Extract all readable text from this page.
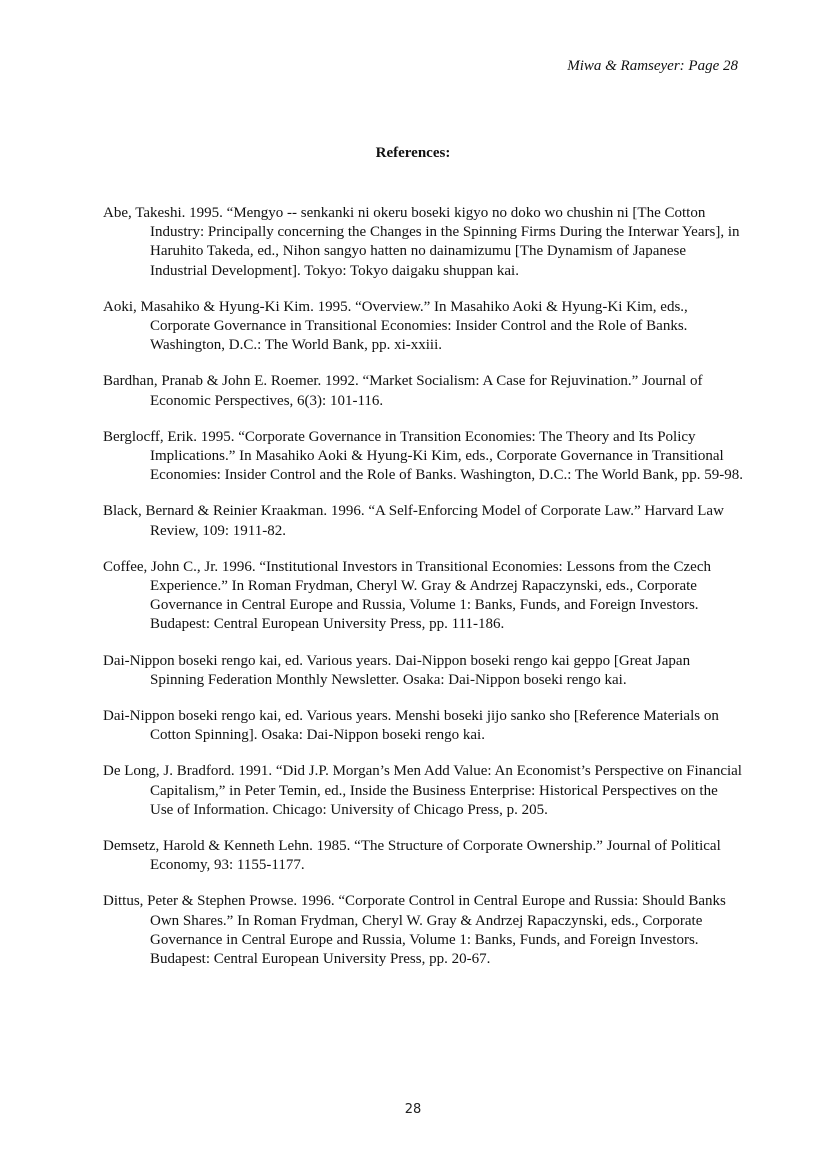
Miwa & Ramseyer: Page 28
References:
Abe, Takeshi. 1995. “Mengyo -- senkanki ni okeru boseki kigyo no doko wo chushin ni [The Cotton Industry: Principally concerning the Changes in the Spinning Firms During the Interwar Years], in Haruhito Takeda, ed., Nihon sangyo hatten no dainamizumu [The Dynamism of Japanese Industrial Development]. Tokyo: Tokyo daigaku shuppan kai.
Aoki, Masahiko & Hyung-Ki Kim. 1995. “Overview.” In Masahiko Aoki & Hyung-Ki Kim, eds., Corporate Governance in Transitional Economies: Insider Control and the Role of Banks. Washington, D.C.: The World Bank, pp. xi-xxiii.
Bardhan, Pranab & John E. Roemer. 1992. “Market Socialism: A Case for Rejuvination.” Journal of Economic Perspectives, 6(3): 101-116.
Berglocff, Erik. 1995. “Corporate Governance in Transition Economies: The Theory and Its Policy Implications.” In Masahiko Aoki & Hyung-Ki Kim, eds., Corporate Governance in Transitional Economies: Insider Control and the Role of Banks. Washington, D.C.: The World Bank, pp. 59-98.
Black, Bernard & Reinier Kraakman. 1996. “A Self-Enforcing Model of Corporate Law.” Harvard Law Review, 109: 1911-82.
Coffee, John C., Jr. 1996. “Institutional Investors in Transitional Economies: Lessons from the Czech Experience.” In Roman Frydman, Cheryl W. Gray & Andrzej Rapaczynski, eds., Corporate Governance in Central Europe and Russia, Volume 1: Banks, Funds, and Foreign Investors. Budapest: Central European University Press, pp. 111-186.
Dai-Nippon boseki rengo kai, ed. Various years. Dai-Nippon boseki rengo kai geppo [Great Japan Spinning Federation Monthly Newsletter. Osaka: Dai-Nippon boseki rengo kai.
Dai-Nippon boseki rengo kai, ed. Various years. Menshi boseki jijo sanko sho [Reference Materials on Cotton Spinning]. Osaka: Dai-Nippon boseki rengo kai.
De Long, J. Bradford. 1991. “Did J.P. Morgan’s Men Add Value: An Economist’s Perspective on Financial Capitalism,” in Peter Temin, ed., Inside the Business Enterprise: Historical Perspectives on the Use of Information. Chicago: University of Chicago Press, p. 205.
Demsetz, Harold & Kenneth Lehn. 1985. “The Structure of Corporate Ownership.” Journal of Political Economy, 93: 1155-1177.
Dittus, Peter & Stephen Prowse. 1996. “Corporate Control in Central Europe and Russia: Should Banks Own Shares.” In Roman Frydman, Cheryl W. Gray & Andrzej Rapaczynski, eds., Corporate Governance in Central Europe and Russia, Volume 1: Banks, Funds, and Foreign Investors. Budapest: Central European University Press, pp. 20-67.
28
